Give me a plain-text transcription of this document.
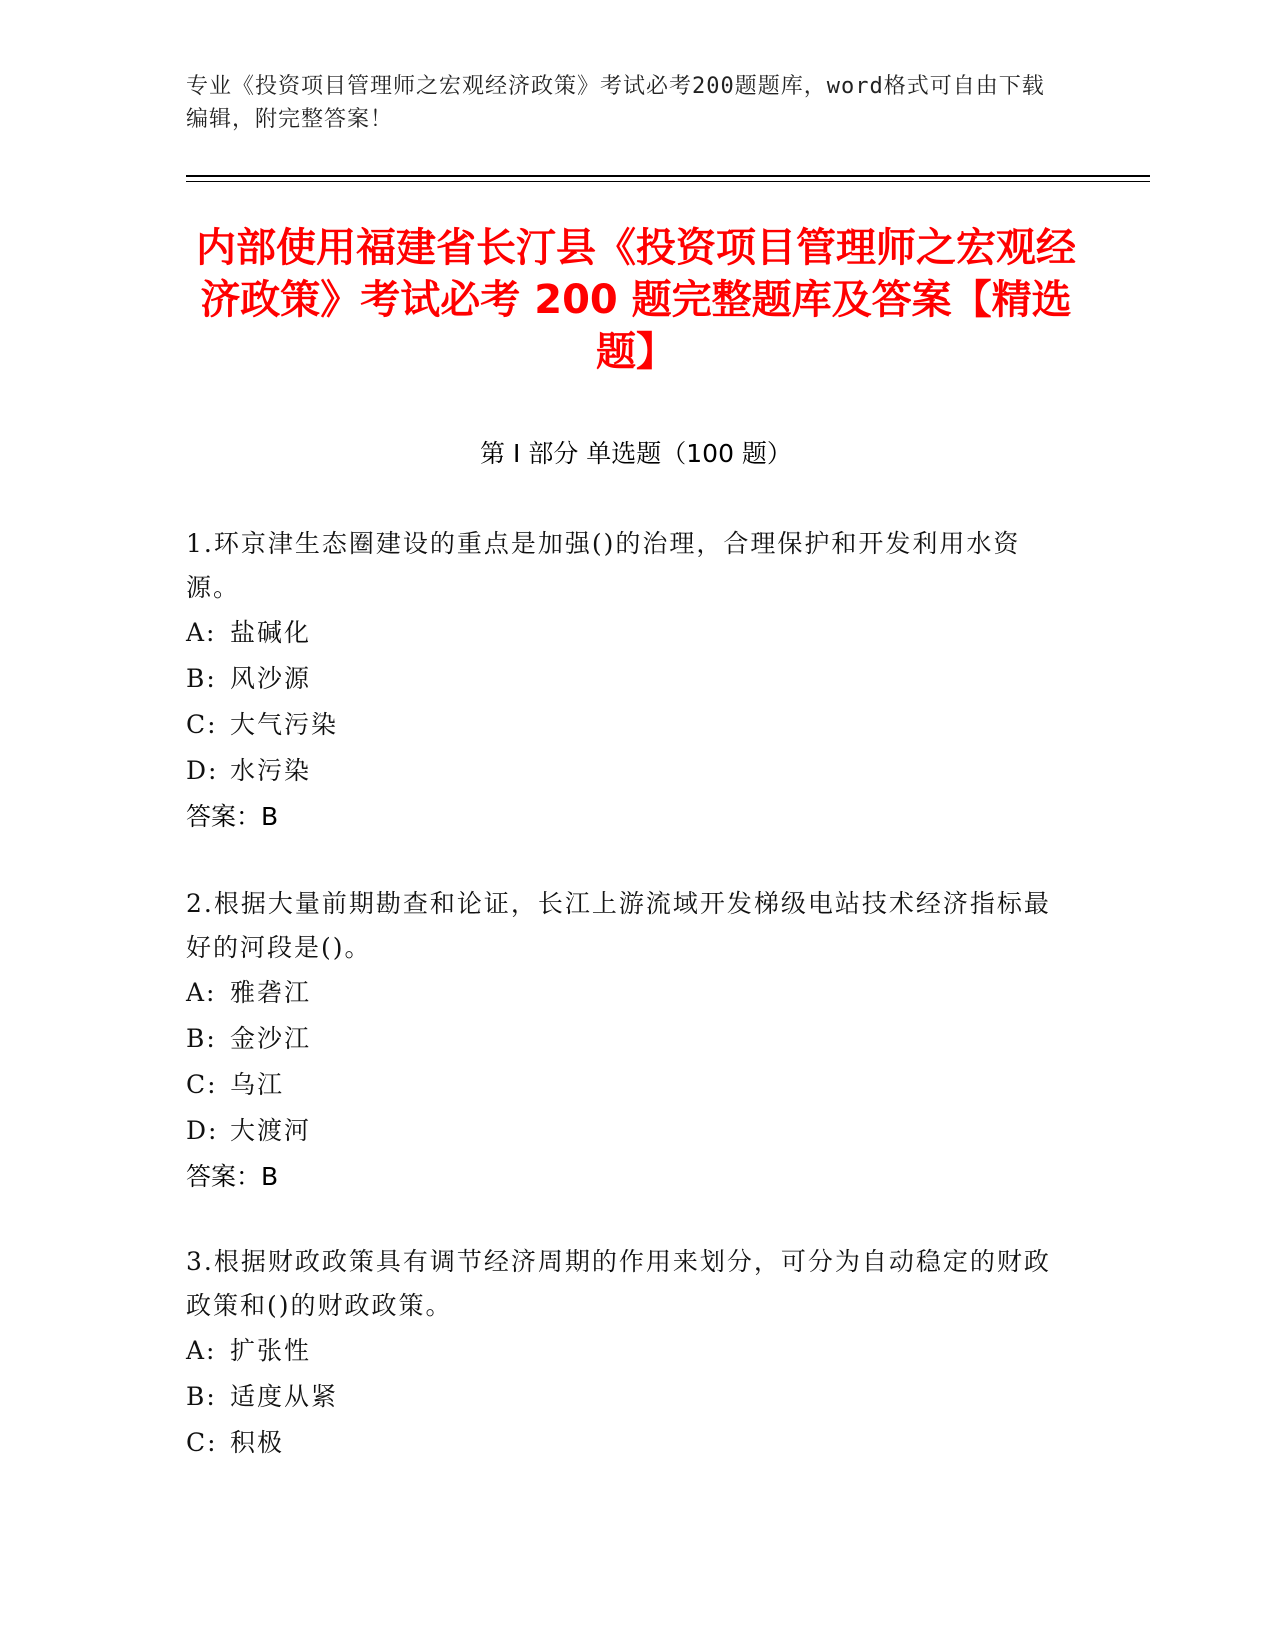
专业《投资项目管理师之宏观经济政策》考试必考200题题库，word格式可自由下载编辑，附完整答案！
内部使用福建省长汀县《投资项目管理师之宏观经济政策》考试必考 200 题完整题库及答案【精选题】
第 I 部分 单选题（100 题）

1.环京津生态圈建设的重点是加强()的治理，合理保护和开发利用水资源。

A: 盐碱化

B: 风沙源

C: 大气污染

D: 水污染

答案：B

2.根据大量前期勘查和论证，长江上游流域开发梯级电站技术经济指标最好的河段是()。

A: 雅砻江

B: 金沙江

C: 乌江

D: 大渡河

答案：B

3.根据财政政策具有调节经济周期的作用来划分，可分为自动稳定的财政政策和()的财政政策。

A: 扩张性

B: 适度从紧

C: 积极
